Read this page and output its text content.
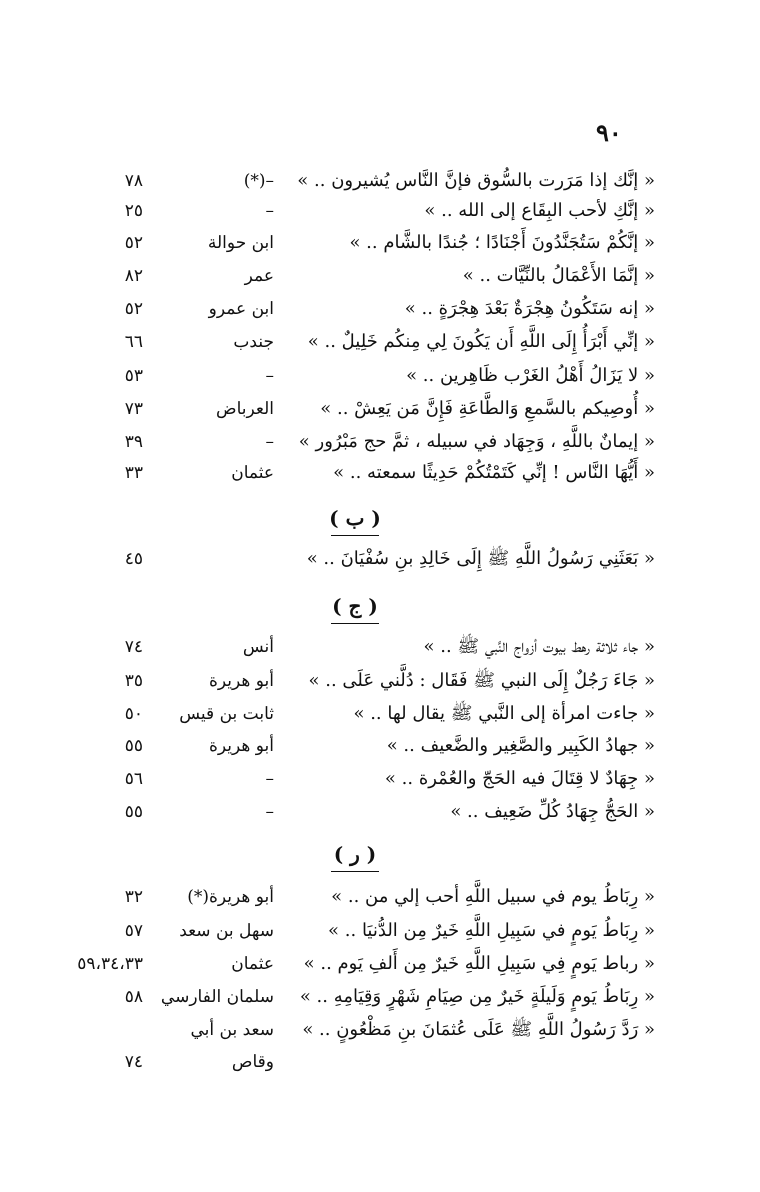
٩٠
« إنَّك إذا مَرَرت بالسُّوق فإنَّ النَّاس يُشيرون .. »
–(*)
٧٨
« إنَّكِ لأحب البِقَاع إلى الله .. »
–
٢٥
« إنَّكُمْ سَتُجَنَّدُونَ أَجْنَادًا ؛ جُندًا بالشَّام .. »
ابن حوالة
٥٢
« إنَّمَا الأَعْمَالُ بالنِّيَّات .. »
عمر
٨٢
« إنه سَتَكُونُ هِجْرَةٌ بَعْدَ هِجْرَةٍ .. »
ابن عمرو
٥٢
« إنِّي أَبْرَأُ إِلَى اللَّهِ أَن يَكُونَ لِي مِنكُم خَلِيلٌ .. »
جندب
٦٦
« لا يَزَالُ أَهْلُ الغَرْب ظَاهِرين .. »
–
٥٣
« أُوصِيكم بالسَّمعِ وَالطَّاعَةِ فَإِنَّ مَن يَعِشْ .. »
العرباض
٧٣
« إيمانٌ باللَّهِ ، وَجِهَاد في سبيله ، ثمَّ حج مَبْرُور »
–
٣٩
« أَيُّهَا النَّاس ! إنِّي كَتَمْتُكُمْ حَدِيثًا سمعته .. »
عثمان
٣٣
( ب )
« بَعَثَنِي رَسُولُ اللَّهِ ﷺ إِلَى خَالِدِ بنِ سُفْيَانَ .. »
٤٥
( ج )
« جاء ثلاثة رهط بيوت أزواج النَّبي ﷺ .. »
أنس
٧٤
« جَاءَ رَجُلٌ إِلَى النبي ﷺ فَقَال : دُلَّني عَلَى .. »
أبو هريرة
٣٥
« جاءت امرأة إلى النَّبي ﷺ يقال لها .. »
ثابت بن قيس
٥٠
« جهادُ الكَبِير والصَّغِير والضَّعيف .. »
أبو هريرة
٥٥
« جِهَادٌ لا قِتَالَ فيه الحَجّ والعُمْرة .. »
–
٥٦
« الحَجُّ جِهَادُ كُلِّ ضَعِيف .. »
–
٥٥
( ر )
« رِبَاطُ يوم في سبيل اللَّهِ أحب إلي من .. »
أبو هريرة(*)
٣٢
« رِبَاطُ يَومٍ في سَبِيلِ اللَّهِ خَيرٌ مِن الدُّنيَا .. »
سهل بن سعد
٥٧
« رباط يَومٍ فِي سَبِيلِ اللَّهِ خَيرٌ مِن أَلفِ يَوم .. »
عثمان
٥٩،٣٤،٣٣
« رِبَاطُ يَومٍ وَلَيلَةٍ خَيرٌ مِن صِيَامِ شَهْرٍ وَقِيَامِهِ .. »
سلمان الفارسي
٥٨
« رَدَّ رَسُولُ اللَّهِ ﷺ عَلَى عُثمَانَ بنِ مَظْعُونٍ .. »
سعد بن أبي
وقاص
٧٤
